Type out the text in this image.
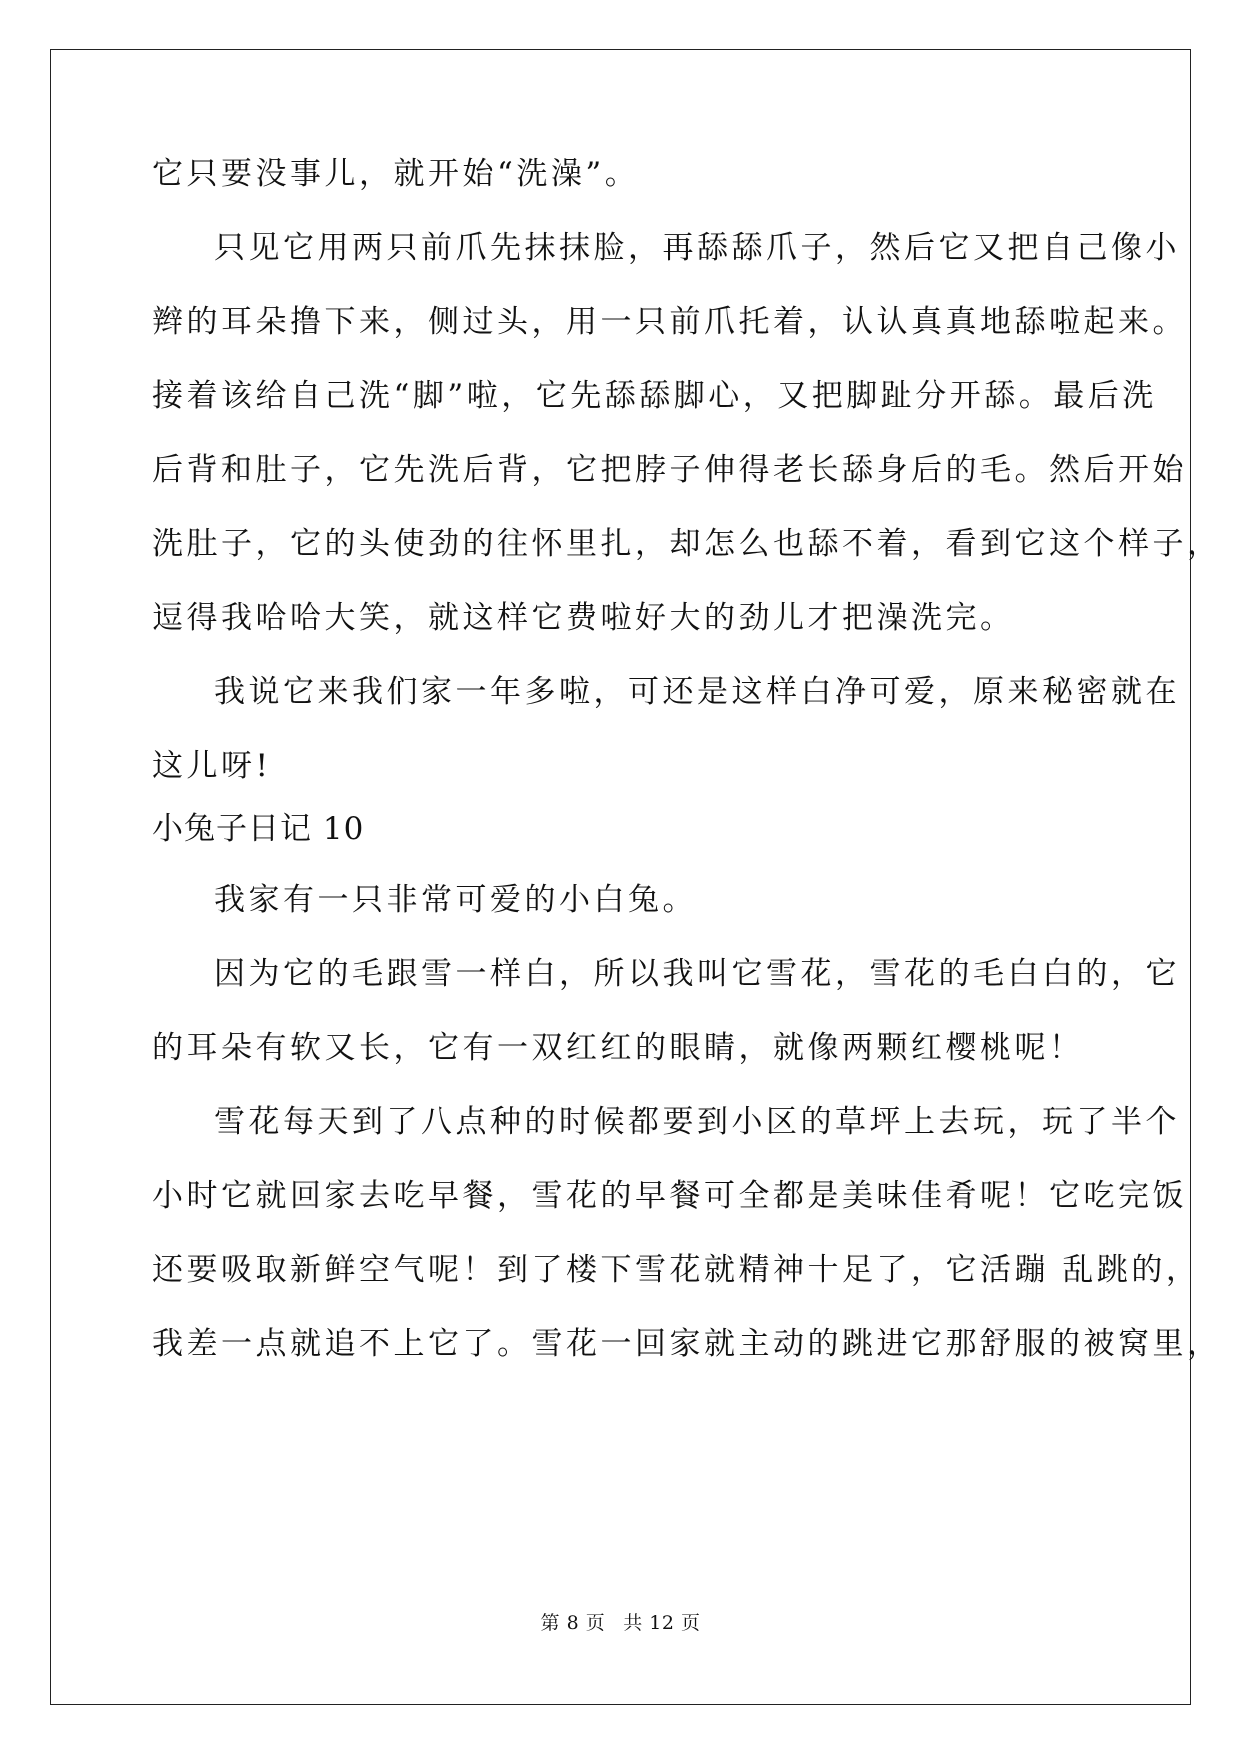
它只要没事儿，就开始“洗澡”。
只见它用两只前爪先抹抹脸，再舔舔爪子，然后它又把自己像小
辫的耳朵撸下来，侧过头，用一只前爪托着，认认真真地舔啦起来。
接着该给自己洗“脚”啦，它先舔舔脚心，又把脚趾分开舔。最后洗
后背和肚子，它先洗后背，它把脖子伸得老长舔身后的毛。然后开始
洗肚子，它的头使劲的往怀里扎，却怎么也舔不着，看到它这个样子，
逗得我哈哈大笑，就这样它费啦好大的劲儿才把澡洗完。
我说它来我们家一年多啦，可还是这样白净可爱，原来秘密就在
这儿呀!
小兔子日记 10
我家有一只非常可爱的小白兔。
因为它的毛跟雪一样白，所以我叫它雪花，雪花的毛白白的，它
的耳朵有软又长，它有一双红红的眼睛，就像两颗红樱桃呢！
雪花每天到了八点种的时候都要到小区的草坪上去玩，玩了半个
小时它就回家去吃早餐，雪花的早餐可全都是美味佳肴呢！它吃完饭
还要吸取新鲜空气呢！到了楼下雪花就精神十足了，它活蹦 乱跳的，
我差一点就追不上它了。雪花一回家就主动的跳进它那舒服的被窝里，
第 8 页 共 12 页
